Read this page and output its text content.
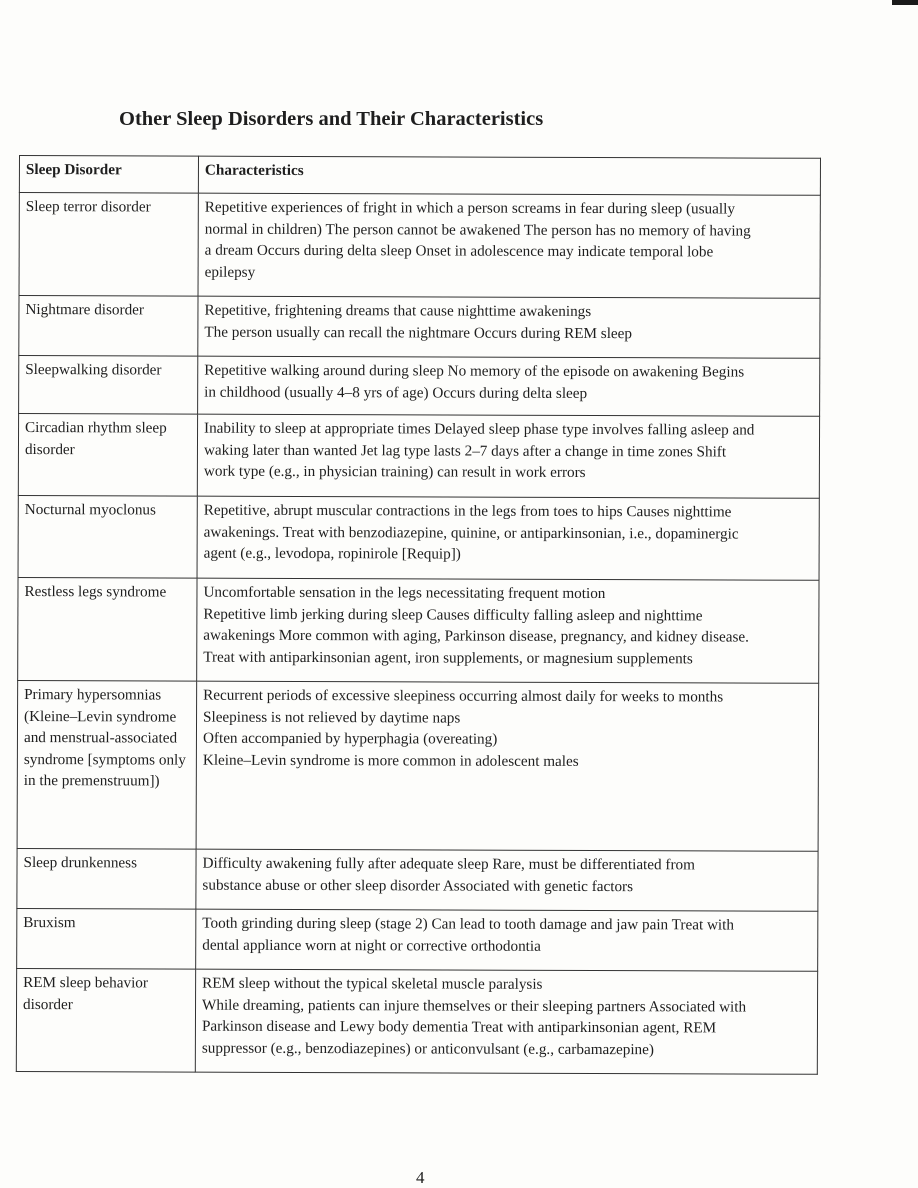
Other Sleep Disorders and Their Characteristics
Sleep Disorder	Characteristics
Sleep terror disorder	Repetitive experiences of fright in which a person screams in fear during sleep (usually
normal in children) The person cannot be awakened The person has no memory of having
a dream Occurs during delta sleep Onset in adolescence may indicate temporal lobe
epilepsy

Nightmare disorder	Repetitive, frightening dreams that cause nighttime awakenings
The person usually can recall the nightmare Occurs during REM sleep

Sleepwalking disorder	Repetitive walking around during sleep No memory of the episode on awakening Begins
in childhood (usually 4–8 yrs of age) Occurs during delta sleep

Circadian rhythm sleep disorder	Inability to sleep at appropriate times Delayed sleep phase type involves falling asleep and
waking later than wanted Jet lag type lasts 2–7 days after a change in time zones Shift
work type (e.g., in physician training) can result in work errors

Nocturnal myoclonus	Repetitive, abrupt muscular contractions in the legs from toes to hips Causes nighttime
awakenings. Treat with benzodiazepine, quinine, or antiparkinsonian, i.e., dopaminergic
agent (e.g., levodopa, ropinirole [Requip])

Restless legs syndrome	Uncomfortable sensation in the legs necessitating frequent motion
Repetitive limb jerking during sleep Causes difficulty falling asleep and nighttime
awakenings More common with aging, Parkinson disease, pregnancy, and kidney disease.
Treat with antiparkinsonian agent, iron supplements, or magnesium supplements

Primary hypersomnias (Kleine–Levin syndrome and menstrual-associated syndrome [symptoms only in the premenstruum])	Recurrent periods of excessive sleepiness occurring almost daily for weeks to months
Sleepiness is not relieved by daytime naps
Often accompanied by hyperphagia (overeating)
Kleine–Levin syndrome is more common in adolescent males

Sleep drunkenness	Difficulty awakening fully after adequate sleep Rare, must be differentiated from
substance abuse or other sleep disorder Associated with genetic factors

Bruxism	Tooth grinding during sleep (stage 2) Can lead to tooth damage and jaw pain Treat with
dental appliance worn at night or corrective orthodontia

REM sleep behavior disorder	REM sleep without the typical skeletal muscle paralysis
While dreaming, patients can injure themselves or their sleeping partners Associated with
Parkinson disease and Lewy body dementia Treat with antiparkinsonian agent, REM
suppressor (e.g., benzodiazepines) or anticonvulsant (e.g., carbamazepine)
4
